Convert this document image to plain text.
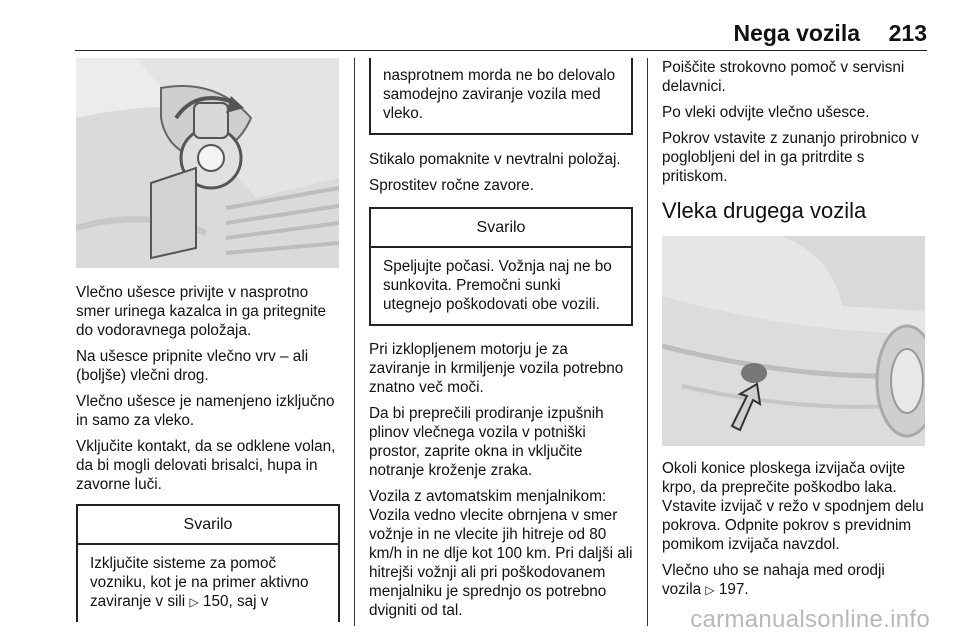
Nega vozila 213

Vlečno ušesce privijte v nasprotno smer urinega kazalca in ga pritegnite do vodoravnega položaja.

Na ušesce pripnite vlečno vrv – ali (boljše) vlečni drog.

Vlečno ušesce je namenjeno izključno in samo za vleko.

Vključite kontakt, da se odklene volan, da bi mogli delovati brisalci, hupa in zavorne luči.

Svarilo
Izključite sisteme za pomoč vozniku, kot je na primer aktivno zaviranje v sili ▷ 150, saj v
nasprotnem morda ne bo delovalo samodejno zaviranje vozila med vleko.

Stikalo pomaknite v nevtralni položaj.

Sprostitev ročne zavore.

Svarilo
Speljujte počasi. Vožnja naj ne bo sunkovita. Premočni sunki utegnejo poškodovati obe vozili.

Pri izklopljenem motorju je za zaviranje in krmiljenje vozila potrebno znatno več moči.

Da bi preprečili prodiranje izpušnih plinov vlečnega vozila v potniški prostor, zaprite okna in vključite notranje kroženje zraka.

Vozila z avtomatskim menjalnikom: Vozila vedno vlecite obrnjena v smer vožnje in ne vlecite jih hitreje od 80 km/h in ne dlje kot 100 km. Pri daljši ali hitrejši vožnji ali pri poškodovanem menjalniku je sprednjo os potrebno dvigniti od tal.

Poiščite strokovno pomoč v servisni delavnici.

Po vleki odvijte vlečno ušesce.

Pokrov vstavite z zunanjo prirobnico v poglobljeni del in ga pritrdite s pritiskom.

Vleka drugega vozila

Okoli konice ploskega izvijača ovijte krpo, da preprečite poškodbo laka. Vstavite izvijač v režo v spodnjem delu pokrova. Odpnite pokrov s previdnim pomikom izvijača navzdol.

Vlečno uho se nahaja med orodji vozila ▷ 197.

carmanualsonline.info
